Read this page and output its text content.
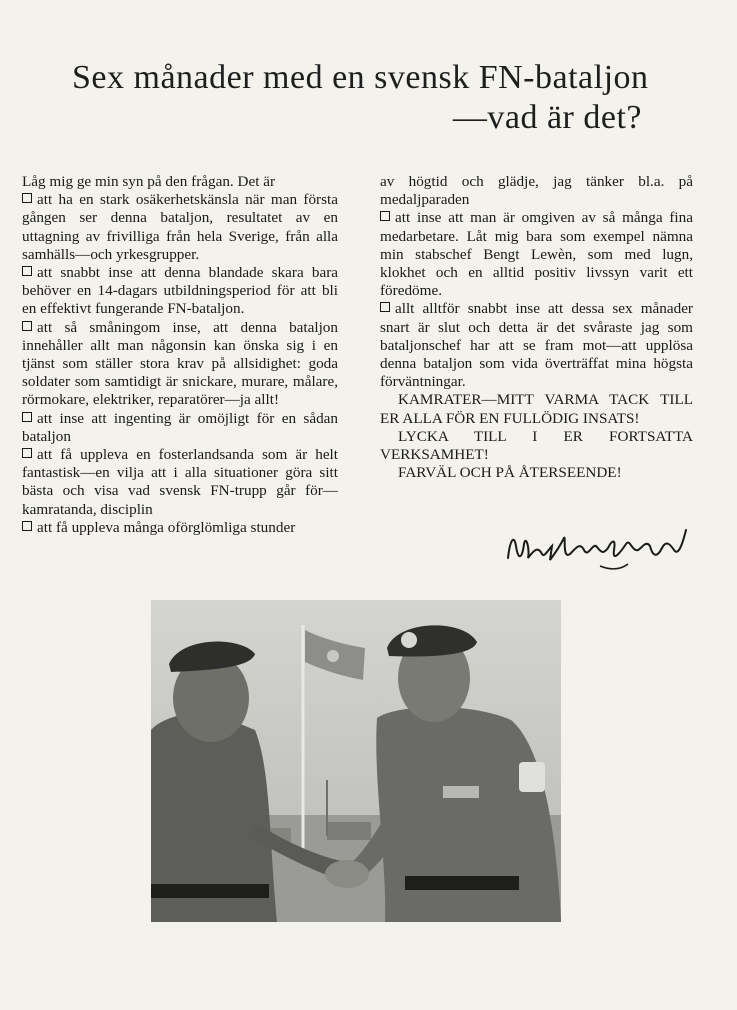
Sex månader med en svensk FN-bataljon
—vad är det?

Låg mig ge min syn på den frågan. Det är

att ha en stark osäkerhetskänsla när man första gången ser denna bataljon, resultatet av en uttagning av frivilliga från hela Sverige, från alla samhälls—och yrkesgrupper.

att snabbt inse att denna blandade skara bara behöver en 14-dagars utbildningsperiod för att bli en effektivt fungerande FN-bataljon.

att så småningom inse, att denna bataljon innehåller allt man någonsin kan önska sig i en tjänst som ställer stora krav på allsidighet: goda soldater som samtidigt är snickare, murare, målare, rörmokare, elektriker, reparatörer—ja allt!

att inse att ingenting är omöjligt för en sådan bataljon

att få uppleva en fosterlandsanda som är helt fantastisk—en vilja att i alla situationer göra sitt bästa och visa vad svensk FN-trupp går för—kamratanda, disciplin

att få uppleva många oförglömliga stunder

av högtid och glädje, jag tänker bl.a. på medaljparaden

att inse att man är omgiven av så många fina medarbetare. Låt mig bara som exempel nämna min stabschef Bengt Lewèn, som med lugn, klokhet och en alltid positiv livssyn varit ett föredöme.

allt alltför snabbt inse att dessa sex månader snart är slut och detta är det svåraste jag som bataljonschef har att se fram mot—att upplösa denna bataljon som vida överträffat mina högsta förväntningar.

KAMRATER—MITT VARMA TACK TILL ER ALLA FÖR EN FULLÖDIG INSATS!

LYCKA TILL I ER FORTSATTA VERKSAMHET!

FARVÄL OCH PÅ ÅTERSEENDE!
